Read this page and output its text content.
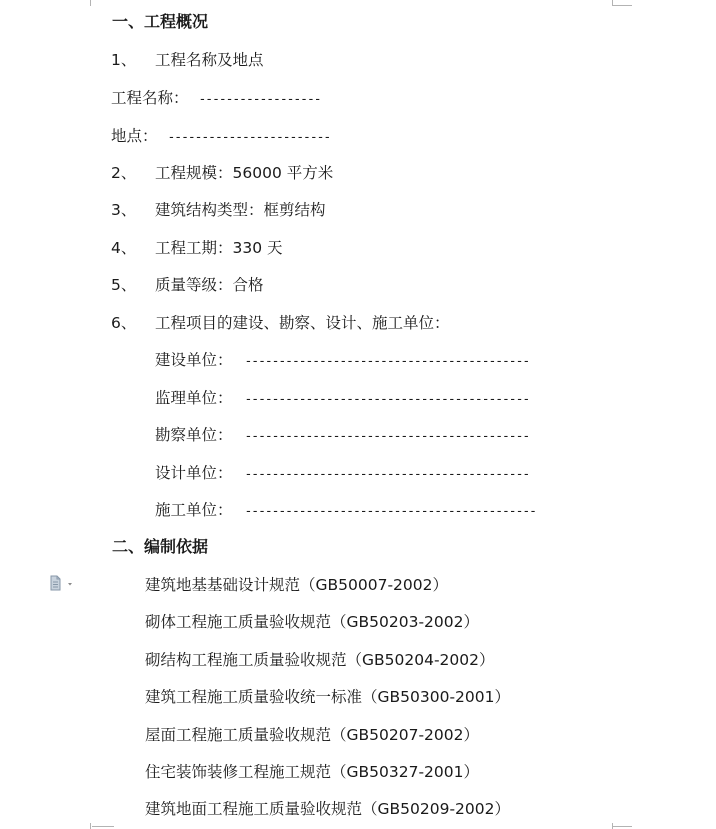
一、工程概况
1、 工程名称及地点
工程名称： ------------------
地点： ------------------------
2、 工程规模：56000 平方米
3、 建筑结构类型：框剪结构
4、 工程工期：330 天
5、 质量等级：合格
6、 工程项目的建设、勘察、设计、施工单位：
建设单位： ------------------------------------------
监理单位： ------------------------------------------
勘察单位： ------------------------------------------
设计单位： ------------------------------------------
施工单位： -------------------------------------------
二、编制依据
建筑地基基础设计规范（GB50007-2002）
砌体工程施工质量验收规范（GB50203-2002）
砌结构工程施工质量验收规范（GB50204-2002）
建筑工程施工质量验收统一标准（GB50300-2001）
屋面工程施工质量验收规范（GB50207-2002）
住宅装饰装修工程施工规范（GB50327-2001）
建筑地面工程施工质量验收规范（GB50209-2002）
